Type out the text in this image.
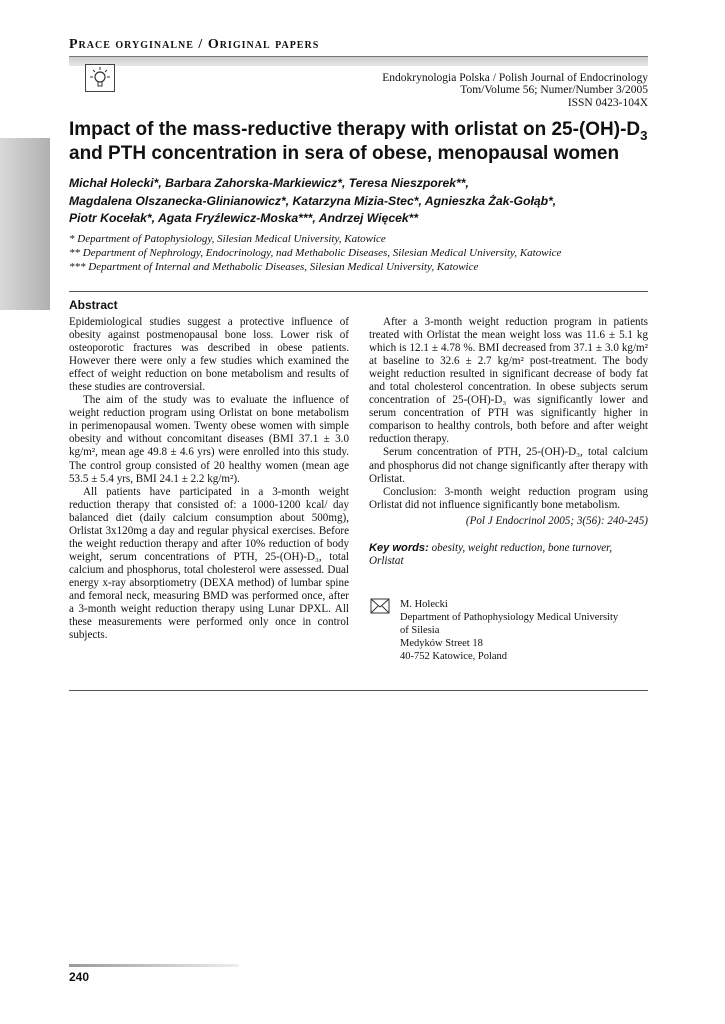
Prace oryginalne / Original papers
Endokrynologia Polska / Polish Journal of Endocrinology
Tom/Volume 56; Numer/Number 3/2005
ISSN 0423-104X
Impact of the mass-reductive therapy with orlistat on $25-(OH)-D_3$
and PTH concentration in sera of obese, menopausal women
Michał Holecki*, Barbara Zahorska-Markiewicz*, Teresa Nieszporek**,
Magdalena Olszanecka-Glinianowicz*, Katarzyna Mizia-Stec*, Agnieszka Żak-Gołąb*,
Piotr Kocełak*, Agata Fryźlewicz-Moska***, Andrzej Więcek**
* Department of Patophysiology, Silesian Medical University, Katowice
** Department of Nephrology, Endocrinology, nad Methabolic Diseases, Silesian Medical University, Katowice
*** Department of Internal and Methabolic Diseases, Silesian Medical University, Katowice
Abstract

Epidemiological studies suggest a protective influence of obesity against postmenopausal bone loss. Lower risk of osteoporotic fractures was described in obese patients. However there were only a few studies which examined the effect of weight reduction on bone metabolism and results of these studies are controversial.

The aim of the study was to evaluate the influence of weight reduction program using Orlistat on bone metabolism in perimenopausal women. Twenty obese women with simple obesity and without concomitant diseases (BMI 37.1 ± 3.0 kg/m², mean age 49.8 ± 4.6 yrs) were enrolled into this study. The control group consisted of 20 healthy women (mean age 53.5 ± 5.4 yrs, BMI 24.1 ± 2.2 kg/m²).

All patients have participated in a 3-month weight reduction therapy that consisted of: a 1000-1200 kcal/ day balanced diet (daily calcium consumption about 500mg), Orlistat 3x120mg a day and regular physical exercises. Before the weight reduction therapy and after 10% reduction of body weight, serum concentrations of PTH, 25-(OH)-D₃, total calcium and phosphorus, total cholesterol were assessed. Dual energy x-ray absorptiometry (DEXA method) of lumbar spine and femoral neck, measuring BMD was performed once, after a 3-month weight reduction therapy using Lunar DPXL. All these measurements were performed only once in control subjects.

After a 3-month weight reduction program in patients treated with Orlistat the mean weight loss was 11.6 ± 5.1 kg which is 12.1 ± 4.78 %. BMI decreased from 37.1 ± 3.0 kg/m² at baseline to 32.6 ± 2.7 kg/m² post-treatment. The body weight reduction resulted in significant decrease of body fat and total cholesterol concentration. In obese subjects serum concentration of 25-(OH)-D₃ was significantly lower and serum concentration of PTH was significantly higher in comparison to healthy controls, both before and after weight reduction therapy.

Serum concentration of PTH, 25-(OH)-D₃, total calcium and phosphorus did not change significantly after therapy with Orlistat.

Conclusion: 3-month weight reduction program using Orlistat did not influence significantly bone metabolism.

(Pol J Endocrinol 2005; 3(56): 240-245)
Key words: obesity, weight reduction, bone turnover, Orlistat
M. Holecki
Department of Pathophysiology Medical University
of Silesia
Medyków Street 18
40-752 Katowice, Poland
240
